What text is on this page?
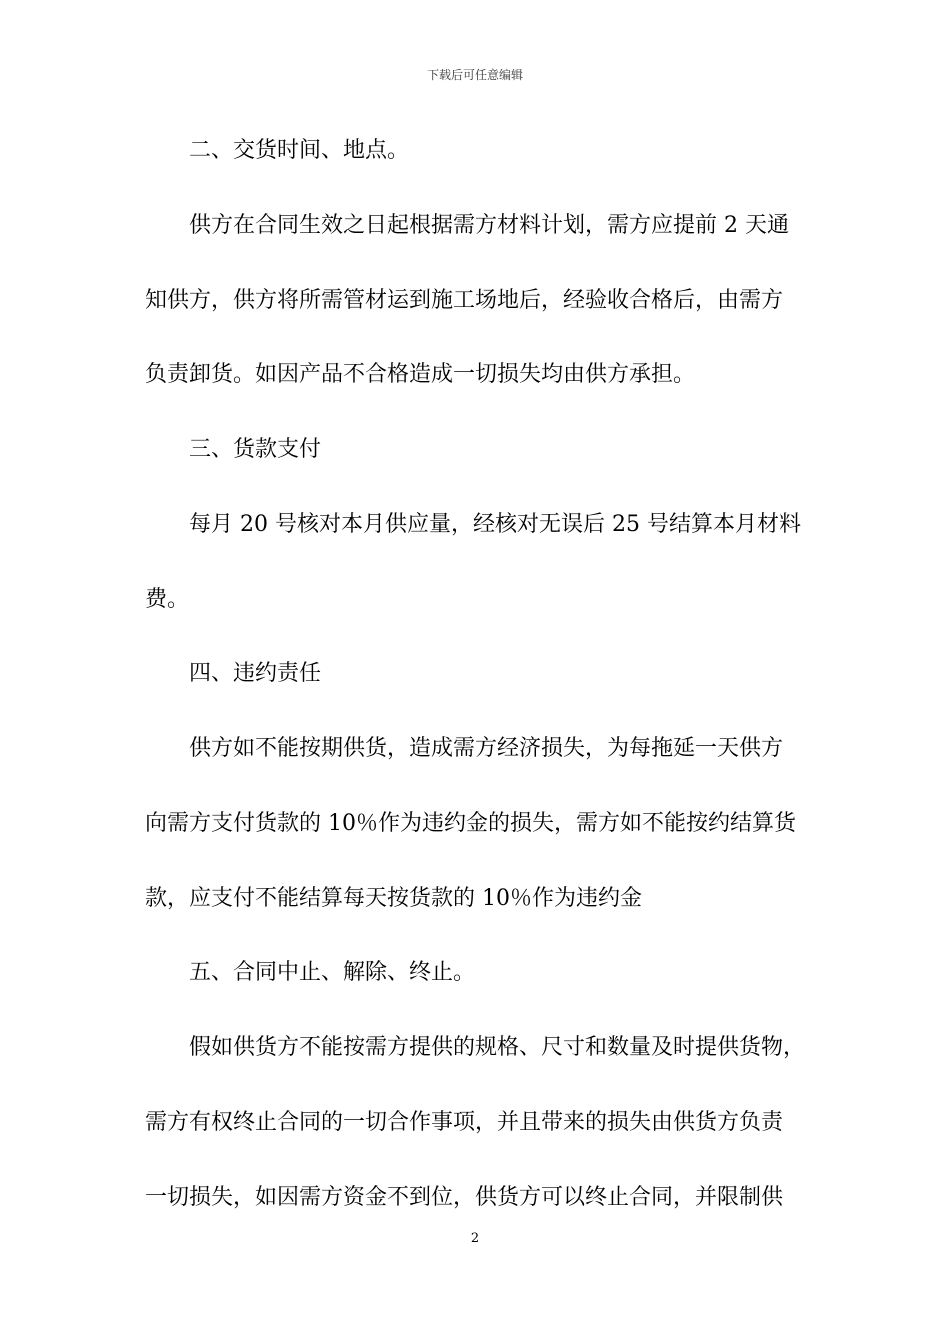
下载后可任意编辑
二、交货时间、地点。
供方在合同生效之日起根据需方材料计划，需方应提前 2 天通
知供方，供方将所需管材运到施工场地后，经验收合格后，由需方
负责卸货。如因产品不合格造成一切损失均由供方承担。
三、货款支付
每月 20 号核对本月供应量，经核对无误后 25 号结算本月材料
费。
四、违约责任
供方如不能按期供货，造成需方经济损失，为每拖延一天供方
向需方支付货款的 10％作为违约金的损失，需方如不能按约结算货
款，应支付不能结算每天按货款的 10％作为违约金
五、合同中止、解除、终止。
假如供货方不能按需方提供的规格、尺寸和数量及时提供货物，
需方有权终止合同的一切合作事项，并且带来的损失由供货方负责
一切损失，如因需方资金不到位，供货方可以终止合同，并限制供
2
